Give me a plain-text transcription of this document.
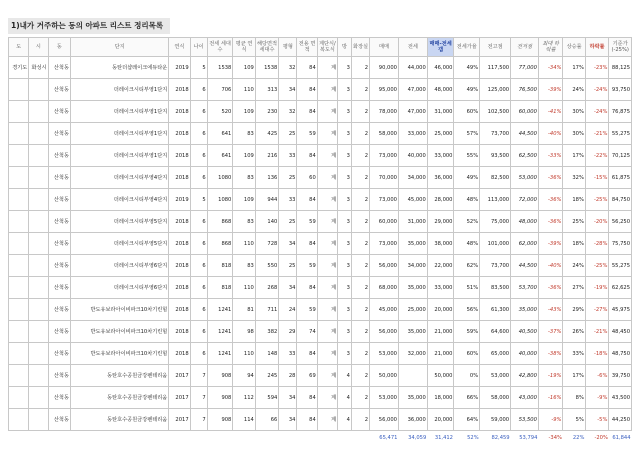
1)내가 거주하는 동의 아파트 리스트 정리목록
도	시	동	단지	연식	나이	전세 세대수	평균 연식	해당면적 세대수	평형	전용 면적	계단식/복도식	방	화장실	매매	전세	매매-전세 갭	전세가율	전고점	전저점	최대 하락률	상승률	하락률	기준가 (-25%)
경기도	화성시	산척동	동탄더샵레이크에듀타운	2019	5	1538	109	1538	32	84	계	3	2	90,000	44,000	46,000	49%	117,500	77,000	-34%	17%	-23%	88,125
		산척동	더레이크시티부영1단지	2018	6	706	110	313	34	84	계	3	2	95,000	47,000	48,000	49%	125,000	76,500	-39%	24%	-24%	93,750
		산척동	더레이크시티부영1단지	2018	6	520	109	230	32	84	계	3	2	78,000	47,000	31,000	60%	102,500	60,000	-41%	30%	-24%	76,875
		산척동	더레이크시티부영1단지	2018	6	641	83	425	25	59	계	3	2	58,000	33,000	25,000	57%	73,700	44,500	-40%	30%	-21%	55,275
		산척동	더레이크시티부영1단지	2018	6	641	109	216	33	84	계	3	2	73,000	40,000	33,000	55%	93,500	62,500	-33%	17%	-22%	70,125
		산척동	더레이크시티부영4단지	2018	6	1080	83	136	25	60	계	3	2	70,000	34,000	36,000	49%	82,500	53,000	-36%	32%	-15%	61,875
		산척동	더레이크시티부영4단지	2019	5	1080	109	944	33	84	계	3	2	73,000	45,000	28,000	48%	113,000	72,000	-36%	18%	-25%	84,750
		산척동	더레이크시티부영5단지	2018	6	868	83	140	25	59	계	3	2	60,000	31,000	29,000	52%	75,000	48,000	-36%	25%	-20%	56,250
		산척동	더레이크시티부영5단지	2018	6	868	110	728	34	84	계	3	2	73,000	35,000	38,000	48%	101,000	62,000	-39%	18%	-28%	75,750
		산척동	더레이크시티부영6단지	2018	6	818	83	550	25	59	계	3	2	56,000	34,000	22,000	62%	73,700	44,500	-40%	24%	-25%	55,275
		산척동	더레이크시티부영6단지	2018	6	818	110	268	34	84	계	3	2	68,000	35,000	33,000	51%	83,500	53,700	-36%	27%	-19%	62,625
		산척동	반도유보라아이비파크10차기린힐	2018	6	1241	81	711	24	59	계	3	2	45,000	25,000	20,000	56%	61,300	35,000	-43%	29%	-27%	45,975
		산척동	반도유보라아이비파크10차기린힐	2018	6	1241	98	382	29	74	계	3	2	56,000	35,000	21,000	59%	64,600	40,500	-37%	26%	-21%	48,450
		산척동	반도유보라아이비파크10차기린힐	2018	6	1241	110	148	33	84	계	3	2	53,000	32,000	21,000	60%	65,000	40,000	-38%	33%	-18%	48,750
		산척동	동탄호수공원금강펜테리움	2017	7	908	94	245	28	69	계	4	2	50,000		50,000	0%	53,000	42,800	-19%	17%	-6%	39,750
		산척동	동탄호수공원금강펜테리움	2017	7	908	112	594	34	84	계	4	2	53,000	35,000	18,000	66%	58,000	43,000	-16%	8%	-9%	43,500
		산척동	동탄호수공원금강펜테리움	2017	7	908	114	66	34	84	계	4	2	56,000	36,000	20,000	64%	59,000	53,500	-9%	5%	-5%	44,250
														65,471	34,059	31,412	52%	82,459	53,794	-34%	22%	-20%	61,844
